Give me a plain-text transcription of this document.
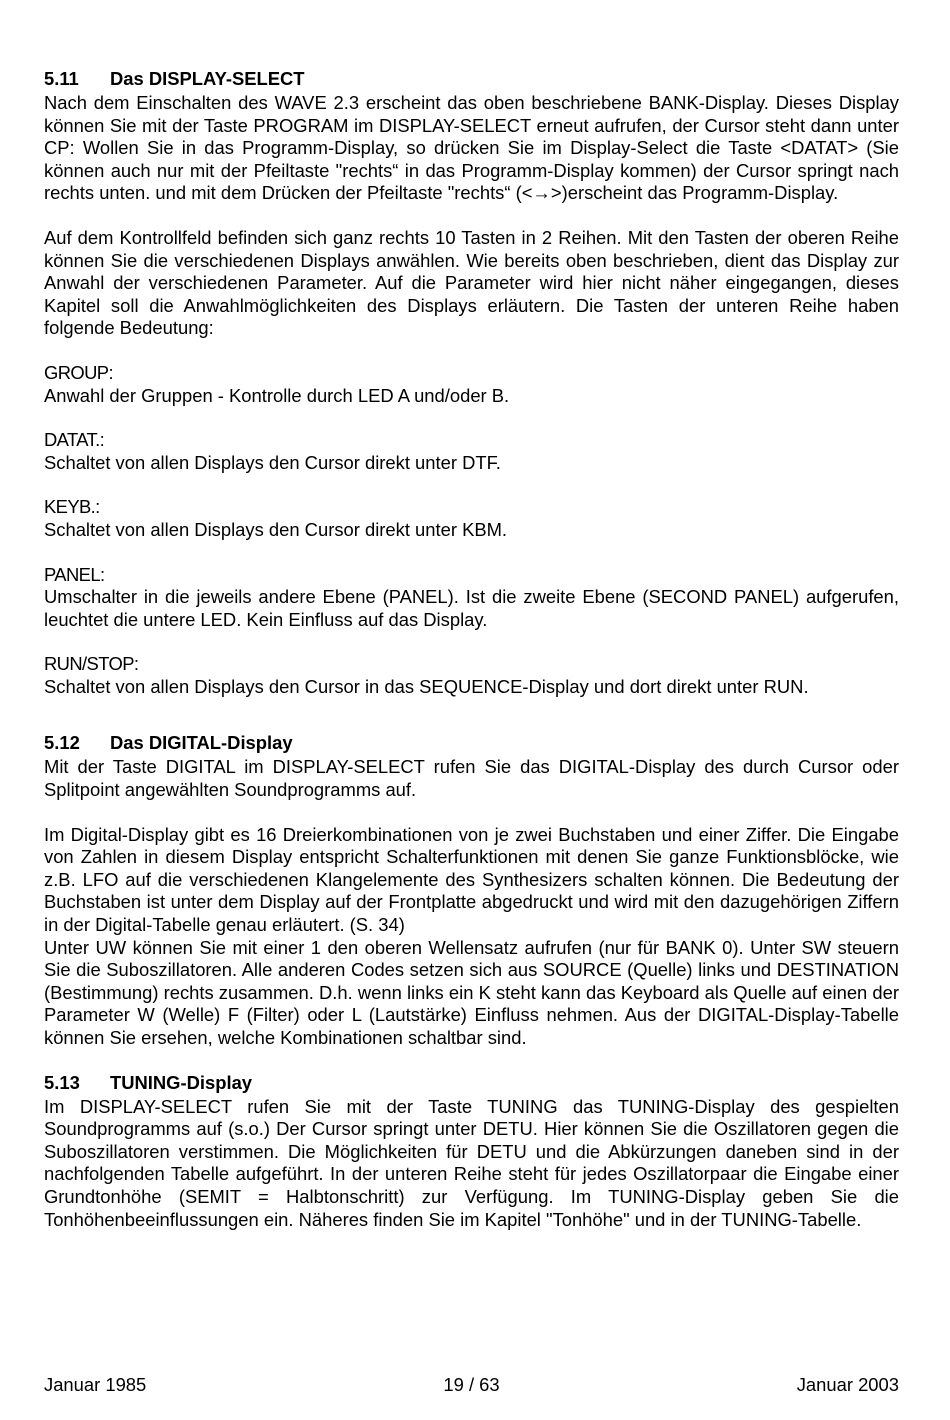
5.11	Das DISPLAY-SELECT

Nach dem Einschalten des WAVE 2.3 erscheint das oben beschriebene BANK-Display. Dieses Display können Sie mit der Taste PROGRAM im DISPLAY-SELECT erneut aufrufen, der Cursor steht dann unter CP: Wollen Sie in das Programm-Display, so drücken Sie im Display-Select die Taste <DATAT> (Sie können auch nur mit der Pfeiltaste "rechts“ in das Programm-Display kommen) der Cursor springt nach rechts unten. und mit dem Drücken der Pfeiltaste "rechts“ (<→>)erscheint das Programm-Display.

Auf dem Kontrollfeld befinden sich ganz rechts 10 Tasten in 2 Reihen. Mit den Tasten der oberen Reihe können Sie die verschiedenen Displays anwählen. Wie bereits oben beschrieben, dient das Display zur Anwahl der verschiedenen Parameter. Auf die Parameter wird hier nicht näher eingegangen, dieses Kapitel soll die Anwahlmöglichkeiten des Displays erläutern. Die Tasten der unteren Reihe haben folgende Bedeutung:

GROUP:

Anwahl der Gruppen - Kontrolle durch LED A und/oder B.

DATAT.:

Schaltet von allen Displays den Cursor direkt unter DTF.

KEYB.:

Schaltet von allen Displays den Cursor direkt unter KBM.

PANEL:

Umschalter in die jeweils andere Ebene (PANEL). Ist die zweite Ebene (SECOND PANEL) aufgerufen, leuchtet die untere LED. Kein Einfluss auf das Display.

RUN/STOP:

Schaltet von allen Displays den Cursor in das SEQUENCE-Display und dort direkt unter RUN.

5.12	Das DIGITAL-Display

Mit der Taste DIGITAL im DISPLAY-SELECT rufen Sie das DIGITAL-Display des durch Cursor oder Splitpoint angewählten Soundprogramms auf.

Im Digital-Display gibt es 16 Dreierkombinationen von je zwei Buchstaben und einer Ziffer. Die Eingabe von Zahlen in diesem Display entspricht Schalterfunktionen mit denen Sie ganze Funktionsblöcke, wie z.B. LFO auf die verschiedenen Klangelemente des Synthesizers schalten können. Die Bedeutung der Buchstaben ist unter dem Display auf der Frontplatte abgedruckt und wird mit den dazugehörigen Ziffern in der Digital-Tabelle genau erläutert. (S. 34)

Unter UW können Sie mit einer 1 den oberen Wellensatz aufrufen (nur für BANK 0). Unter SW steuern Sie die Suboszillatoren. Alle anderen Codes setzen sich aus SOURCE (Quelle) links und DESTINATION (Bestimmung) rechts zusammen. D.h. wenn links ein K steht kann das Keyboard als Quelle auf einen der Parameter W (Welle) F (Filter) oder L (Lautstärke) Einfluss nehmen. Aus der DIGITAL-Display-Tabelle können Sie ersehen, welche Kombinationen schaltbar sind.

5.13	TUNING-Display

Im DISPLAY-SELECT rufen Sie mit der Taste TUNING das TUNING-Display des gespielten Soundprogramms auf (s.o.) Der Cursor springt unter DETU. Hier können Sie die Oszillatoren gegen die Suboszillatoren verstimmen. Die Möglichkeiten für DETU und die Abkürzungen daneben sind in der nachfolgenden Tabelle aufgeführt. In der unteren Reihe steht für jedes Oszillatorpaar die Eingabe einer Grundtonhöhe (SEMIT = Halbtonschritt) zur Verfügung. Im TUNING-Display geben Sie die Tonhöhenbeeinflussungen ein. Näheres finden Sie im Kapitel "Tonhöhe" und in der TUNING-Tabelle.

Januar 1985	19 / 63	Januar 2003
